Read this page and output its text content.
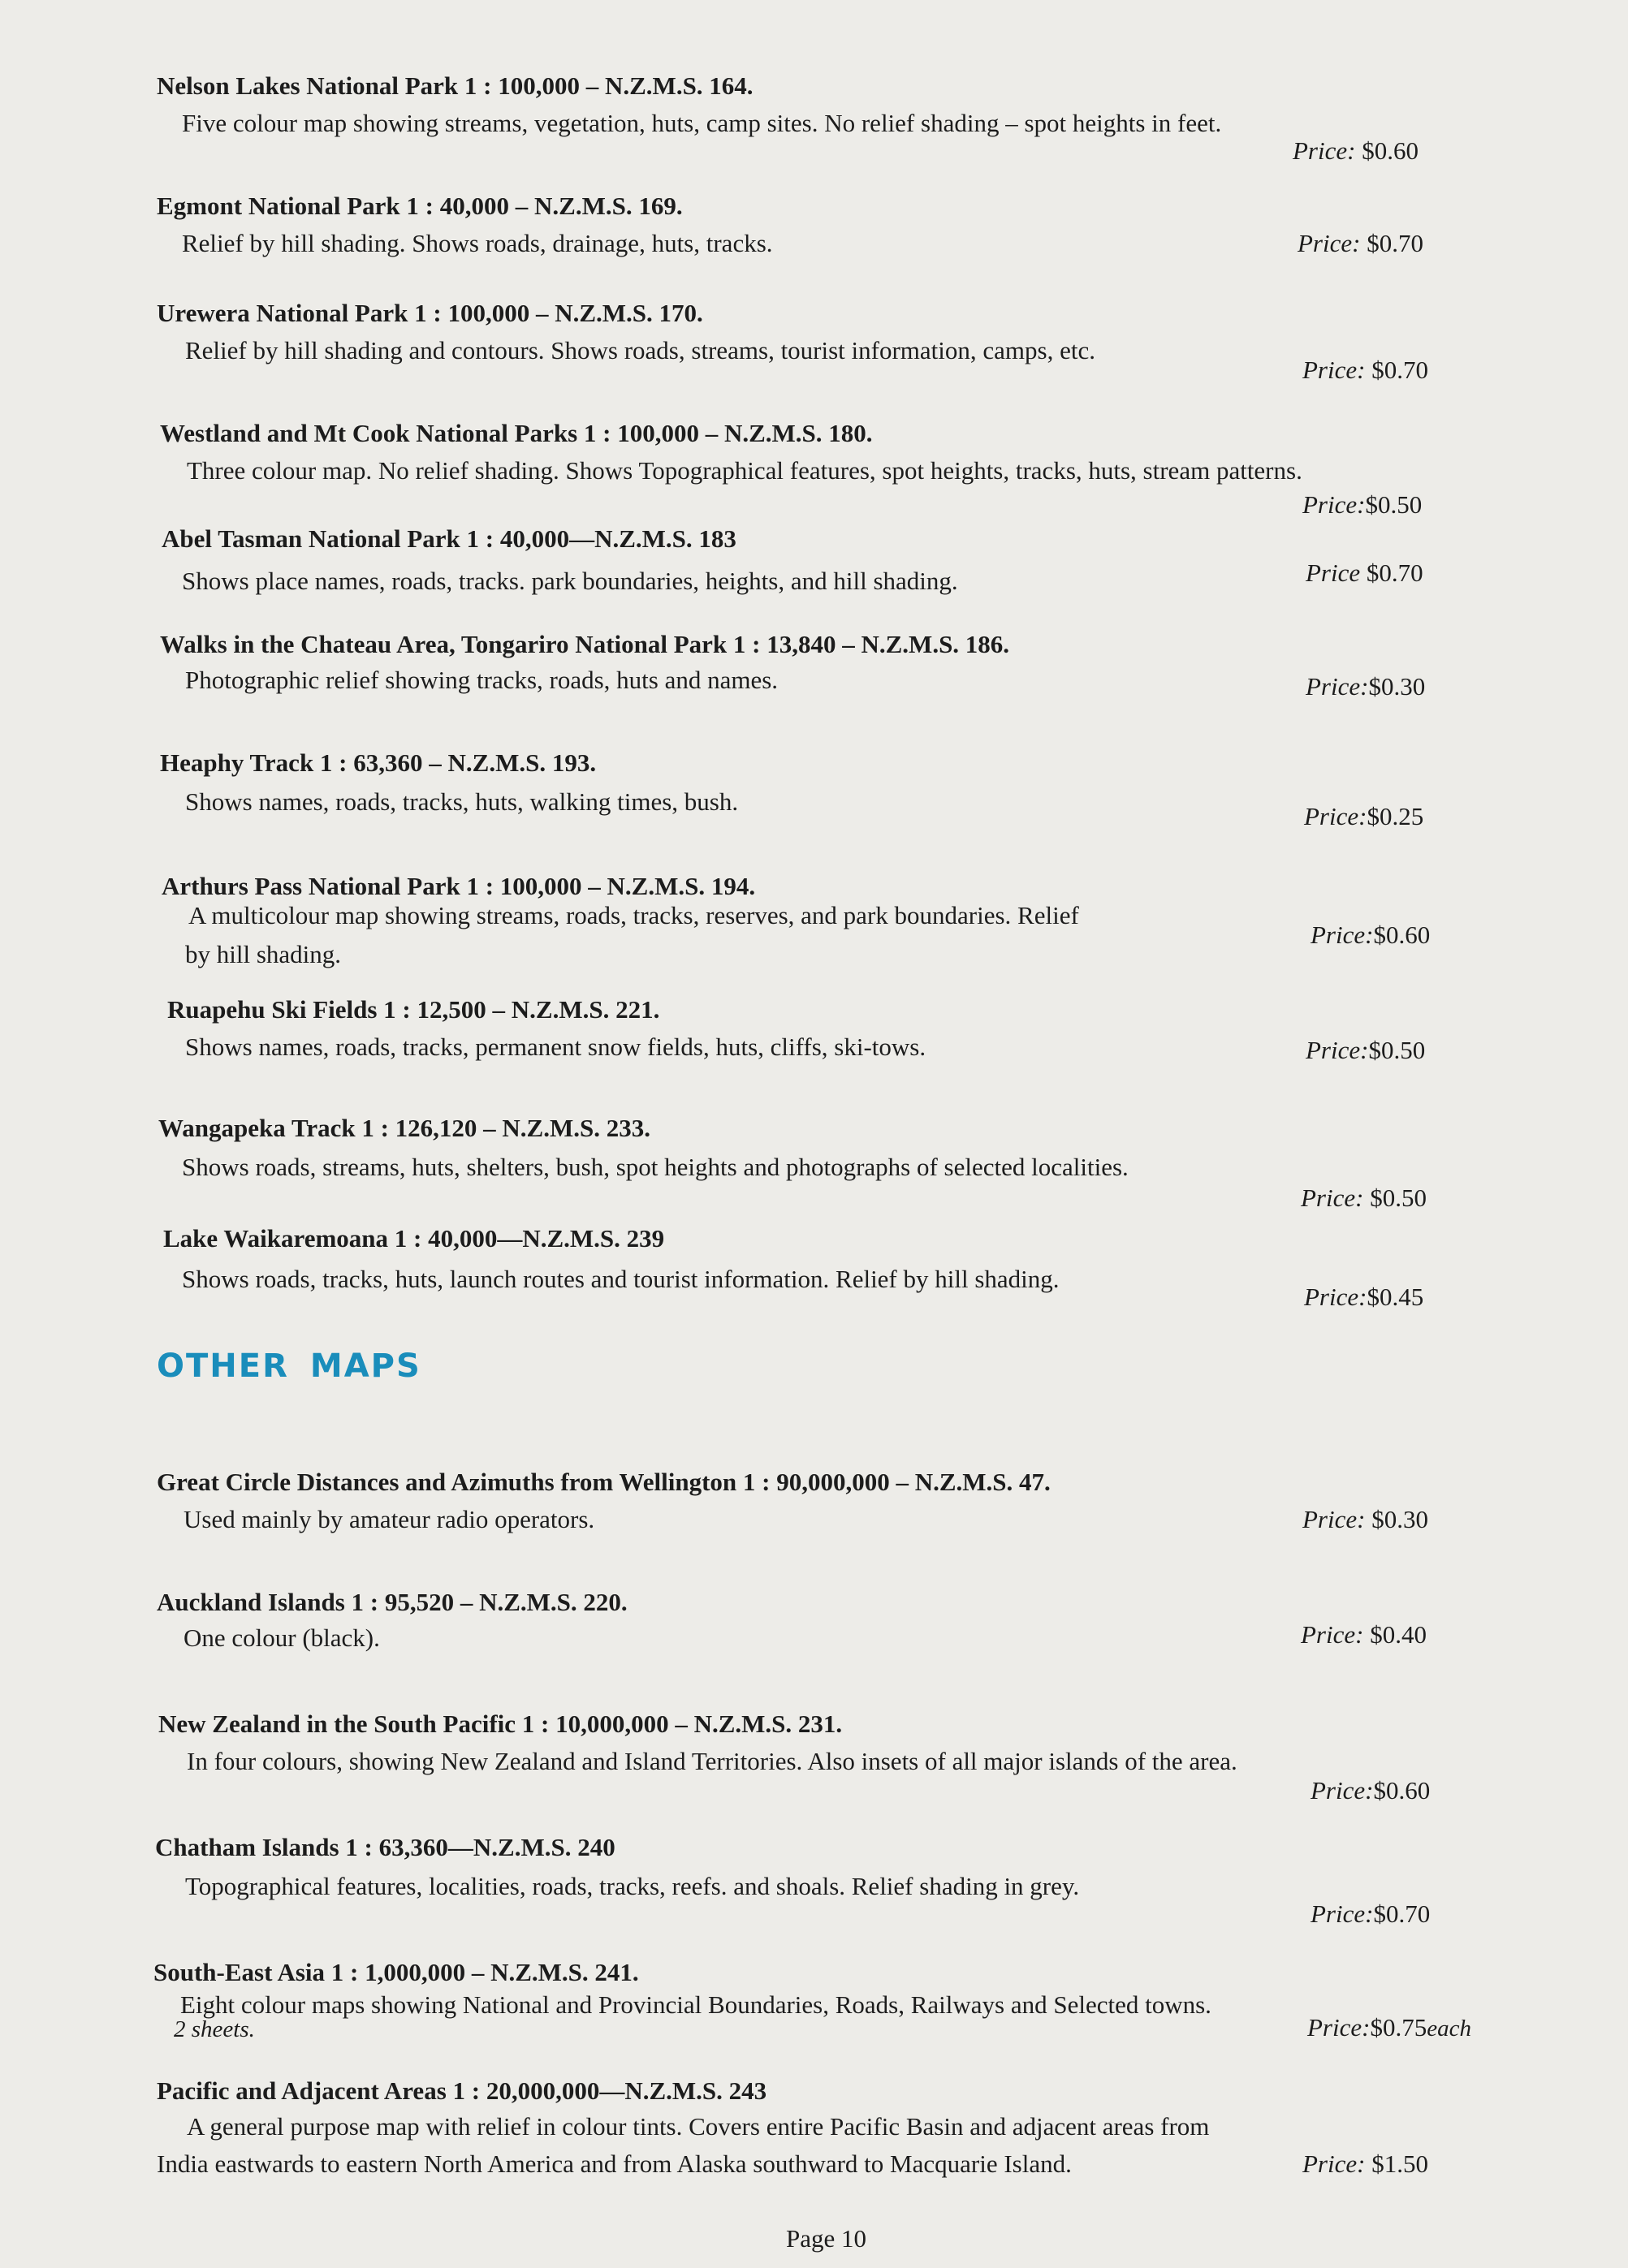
Nelson Lakes National Park 1 : 100,000 – N.Z.M.S. 164.
Five colour map showing streams, vegetation, huts, camp sites. No relief shading – spot heights in feet.
Price: $0.60
Egmont National Park 1 : 40,000 – N.Z.M.S. 169.
Relief by hill shading. Shows roads, drainage, huts, tracks.	Price: $0.70
Urewera National Park 1 : 100,000 – N.Z.M.S. 170.
Relief by hill shading and contours. Shows roads, streams, tourist information, camps, etc.
Price: $0.70
Westland and Mt Cook National Parks 1 : 100,000 – N.Z.M.S. 180.
Three colour map. No relief shading. Shows Topographical features, spot heights, tracks, huts, stream patterns.
Price:$0.50
Abel Tasman National Park 1 : 40,000—N.Z.M.S. 183
Shows place names, roads, tracks. park boundaries, heights, and hill shading.	Price $0.70
Walks in the Chateau Area, Tongariro National Park 1 : 13,840 – N.Z.M.S. 186.
Photographic relief showing tracks, roads, huts and names.	Price:$0.30
Heaphy Track 1 : 63,360 – N.Z.M.S. 193.
Shows names, roads, tracks, huts, walking times, bush.
Price:$0.25
Arthurs Pass National Park 1 : 100,000 – N.Z.M.S. 194.
A multicolour map showing streams, roads, tracks, reserves, and park boundaries. Relief
by hill shading.
Price:$0.60
Ruapehu Ski Fields 1 : 12,500 – N.Z.M.S. 221.
Shows names, roads, tracks, permanent snow fields, huts, cliffs, ski-tows.	Price:$0.50
Wangapeka Track 1 : 126,120 – N.Z.M.S. 233.
Shows roads, streams, huts, shelters, bush, spot heights and photographs of selected localities.
Price: $0.50
Lake Waikaremoana 1 : 40,000—N.Z.M.S. 239
Shows roads, tracks, huts, launch routes and tourist information. Relief by hill shading.
Price:$0.45
OTHER MAPS
Great Circle Distances and Azimuths from Wellington 1 : 90,000,000 – N.Z.M.S. 47.
Used mainly by amateur radio operators.	Price: $0.30
Auckland Islands 1 : 95,520 – N.Z.M.S. 220.
One colour (black).	Price: $0.40
New Zealand in the South Pacific 1 : 10,000,000 – N.Z.M.S. 231.
In four colours, showing New Zealand and Island Territories. Also insets of all major islands of the area.
Price:$0.60
Chatham Islands 1 : 63,360—N.Z.M.S. 240
Topographical features, localities, roads, tracks, reefs. and shoals. Relief shading in grey.
Price:$0.70
South-East Asia 1 : 1,000,000 – N.Z.M.S. 241.
Eight colour maps showing National and Provincial Boundaries, Roads, Railways and Selected towns.
2 sheets.	Price:$0.75each
Pacific and Adjacent Areas 1 : 20,000,000—N.Z.M.S. 243
A general purpose map with relief in colour tints. Covers entire Pacific Basin and adjacent areas from
India eastwards to eastern North America and from Alaska southward to Macquarie Island.	Price: $1.50
Page 10
